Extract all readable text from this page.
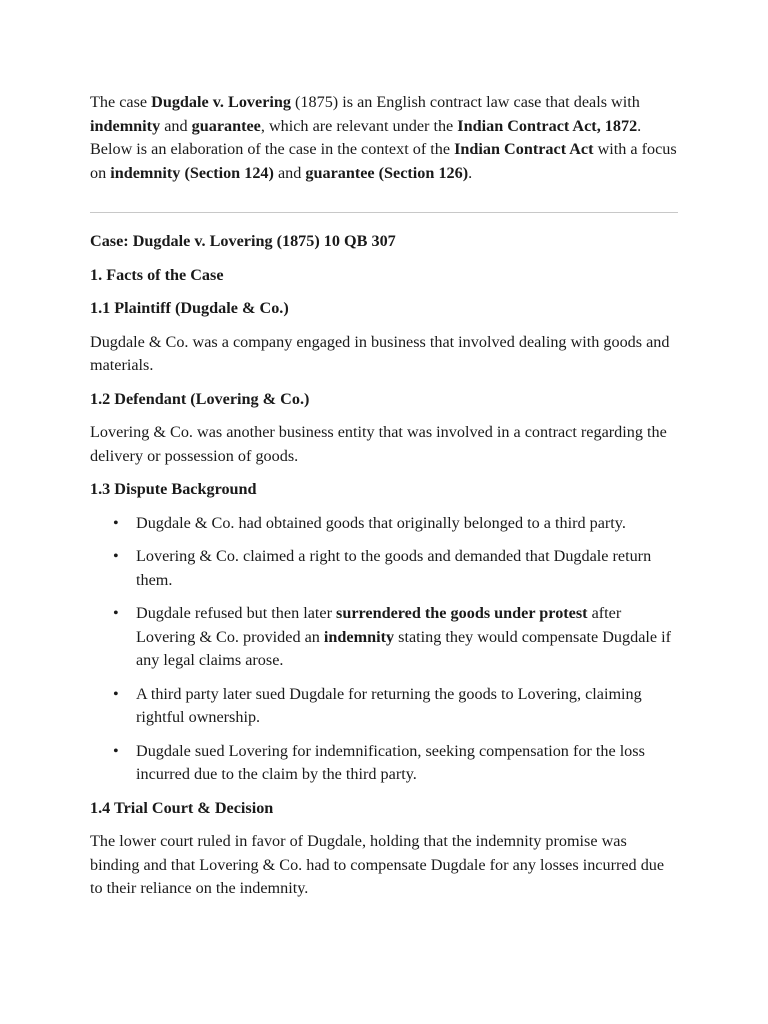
The case Dugdale v. Lovering (1875) is an English contract law case that deals with indemnity and guarantee, which are relevant under the Indian Contract Act, 1872. Below is an elaboration of the case in the context of the Indian Contract Act with a focus on indemnity (Section 124) and guarantee (Section 126).

Case: Dugdale v. Lovering (1875) 10 QB 307

1. Facts of the Case

1.1 Plaintiff (Dugdale & Co.)

Dugdale & Co. was a company engaged in business that involved dealing with goods and materials.

1.2 Defendant (Lovering & Co.)

Lovering & Co. was another business entity that was involved in a contract regarding the delivery or possession of goods.

1.3 Dispute Background

• Dugdale & Co. had obtained goods that originally belonged to a third party.
• Lovering & Co. claimed a right to the goods and demanded that Dugdale return them.
• Dugdale refused but then later surrendered the goods under protest after Lovering & Co. provided an indemnity stating they would compensate Dugdale if any legal claims arose.
• A third party later sued Dugdale for returning the goods to Lovering, claiming rightful ownership.
• Dugdale sued Lovering for indemnification, seeking compensation for the loss incurred due to the claim by the third party.

1.4 Trial Court & Decision

The lower court ruled in favor of Dugdale, holding that the indemnity promise was binding and that Lovering & Co. had to compensate Dugdale for any losses incurred due to their reliance on the indemnity.
